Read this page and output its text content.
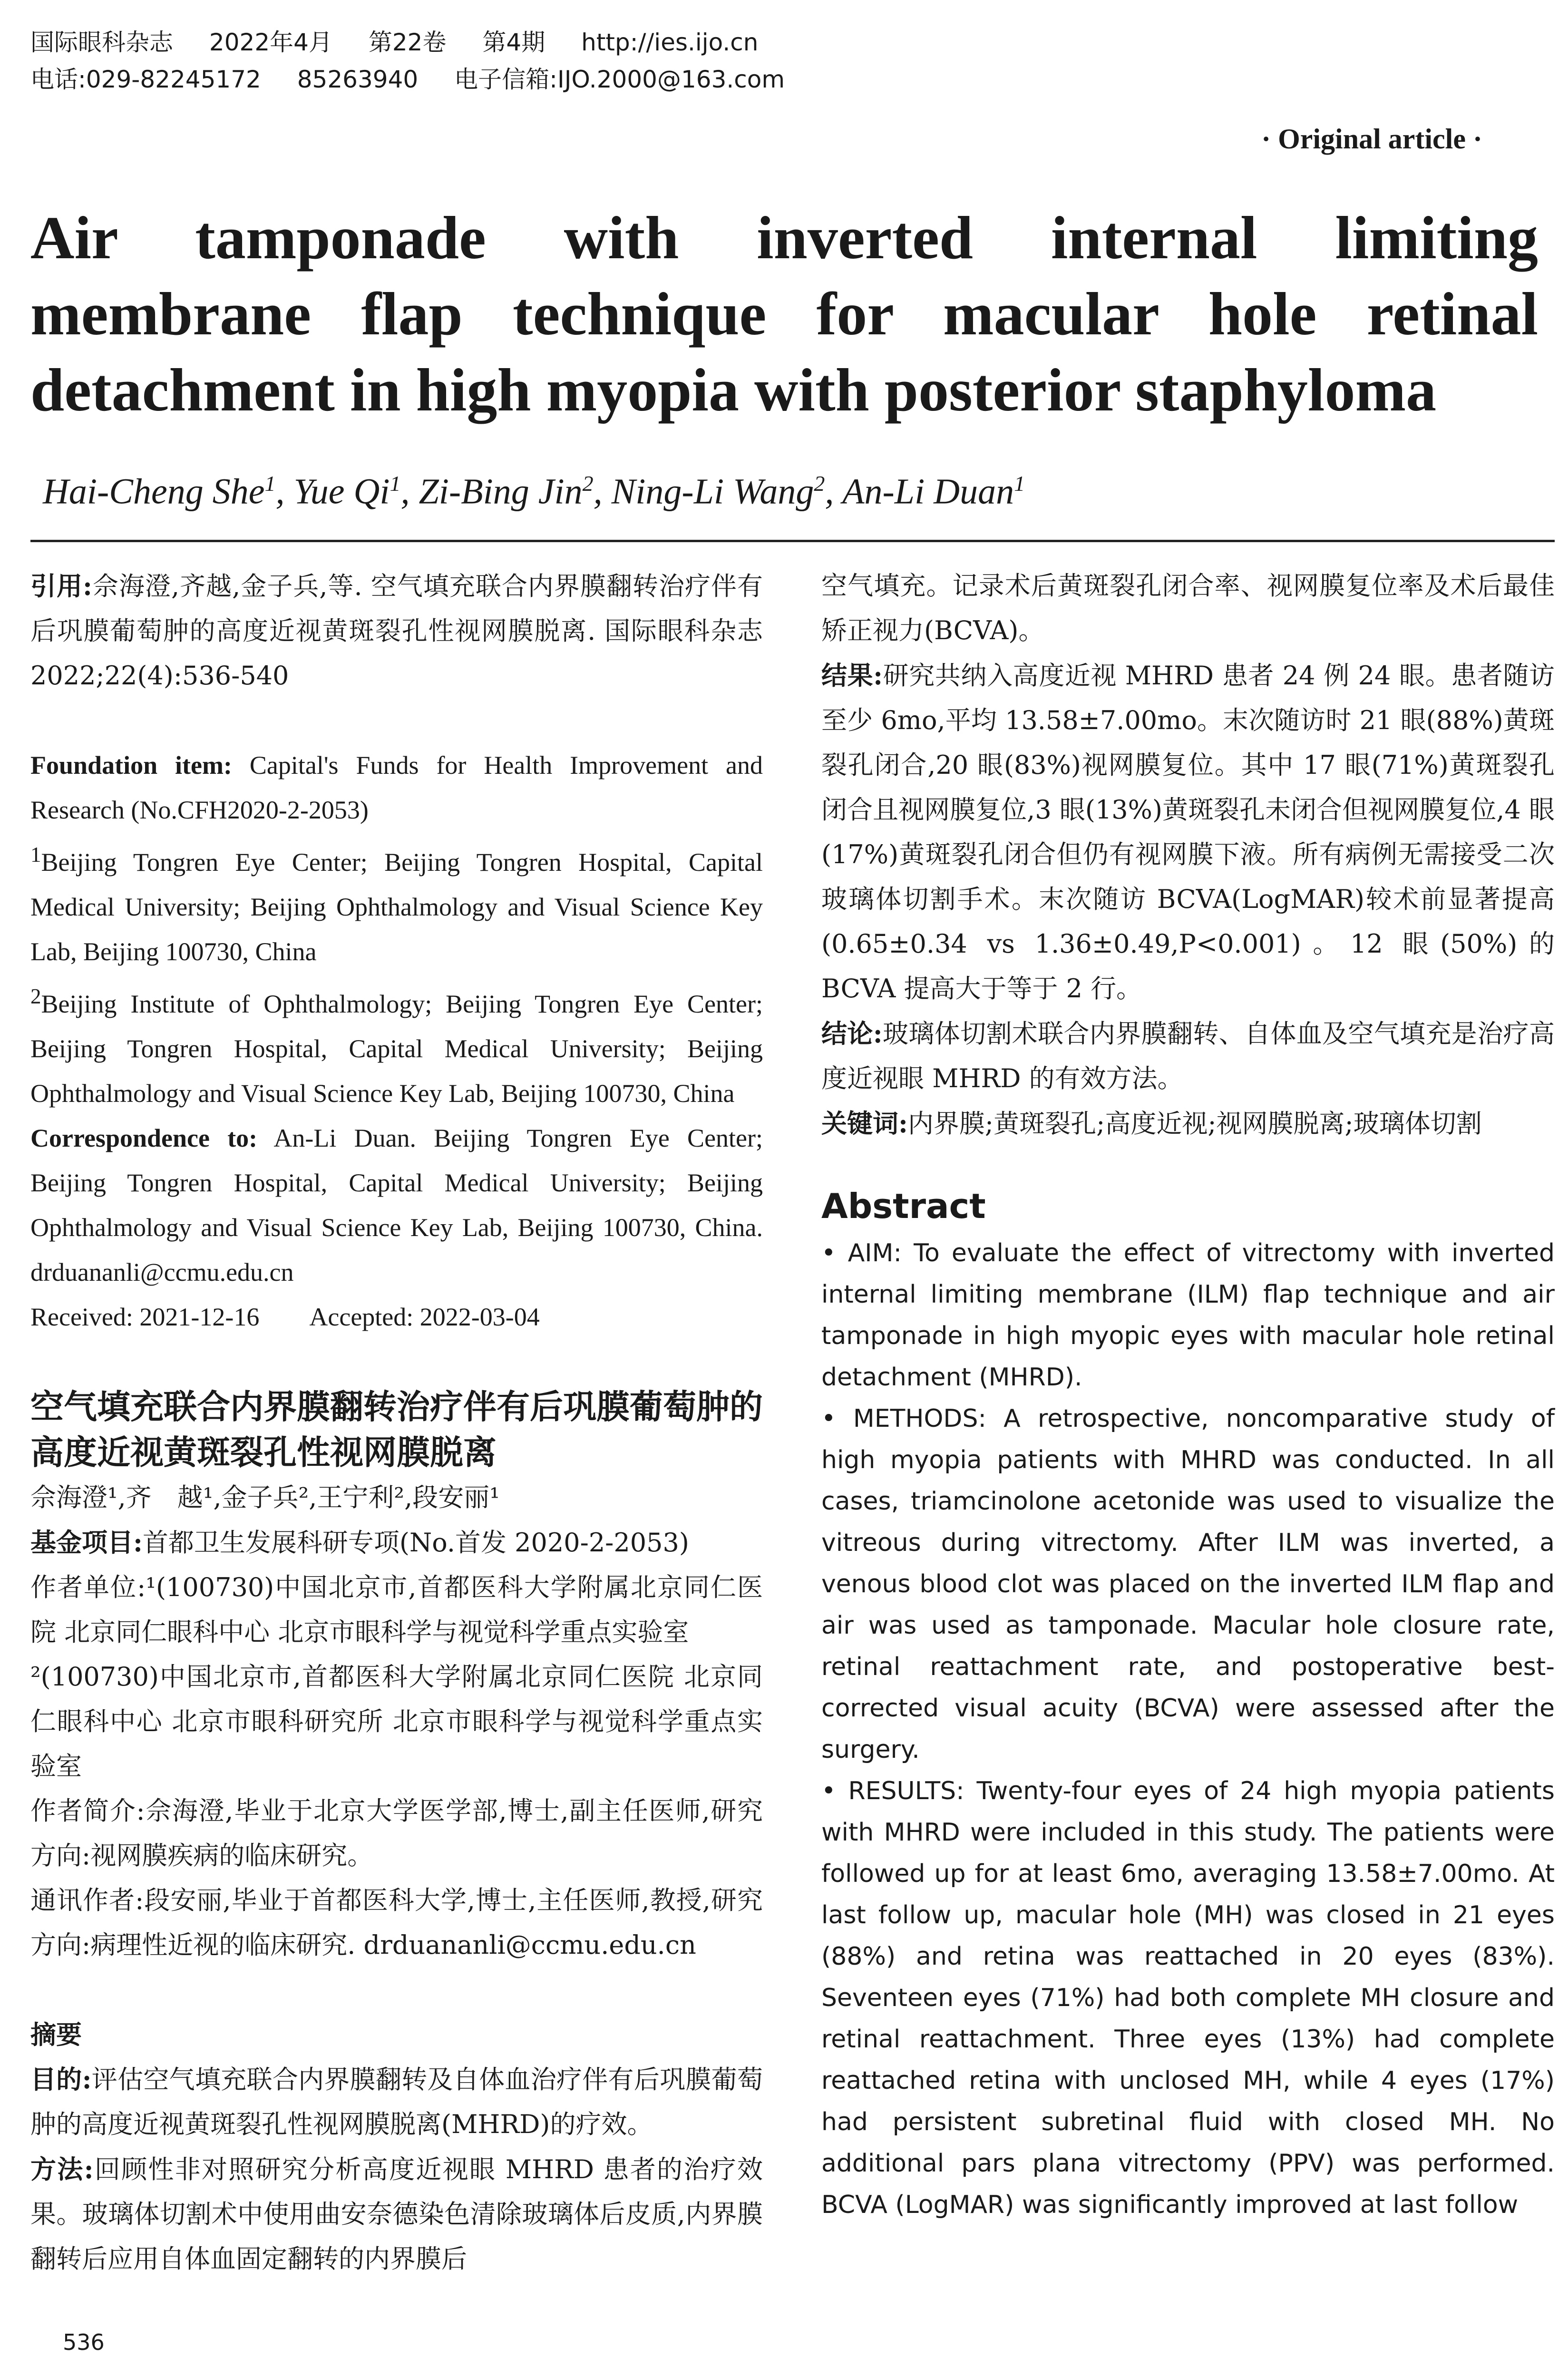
国际眼科杂志 2022年4月 第22卷 第4期 http://ies.ijo.cn
电话:029-82245172 85263940 电子信箱:IJO.2000@163.com
· Original article ·
Air tamponade with inverted internal limiting
membrane flap technique for macular hole retinal
detachment in high myopia with posterior staphyloma
Hai-Cheng She$^1$, Yue Qi$^1$, Zi-Bing Jin$^2$, Ning-Li Wang$^2$, An-Li Duan$^1$

引用:佘海澄,齐越,金子兵,等. 空气填充联合内界膜翻转治疗伴有后巩膜葡萄肿的高度近视黄斑裂孔性视网膜脱离. 国际眼科杂志 2022;22(4):536-540

Foundation item: Capital's Funds for Health Improvement and Research (No.CFH2020-2-2053)

$^1$Beijing Tongren Eye Center; Beijing Tongren Hospital, Capital Medical University; Beijing Ophthalmology and Visual Science Key Lab, Beijing 100730, China

$^2$Beijing Institute of Ophthalmology; Beijing Tongren Eye Center; Beijing Tongren Hospital, Capital Medical University; Beijing Ophthalmology and Visual Science Key Lab, Beijing 100730, China

Correspondence to: An-Li Duan. Beijing Tongren Eye Center; Beijing Tongren Hospital, Capital Medical University; Beijing Ophthalmology and Visual Science Key Lab, Beijing 100730, China. drduananli@ccmu.edu.cn

Received: 2021-12-16 Accepted: 2022-03-04

空气填充联合内界膜翻转治疗伴有后巩膜葡萄肿的高度近视黄斑裂孔性视网膜脱离

佘海澄¹,齐　越¹,金子兵²,王宁利²,段安丽¹

基金项目:首都卫生发展科研专项(No.首发 2020-2-2053)

作者单位:¹(100730)中国北京市,首都医科大学附属北京同仁医院 北京同仁眼科中心 北京市眼科学与视觉科学重点实验室

²(100730)中国北京市,首都医科大学附属北京同仁医院 北京同仁眼科中心 北京市眼科研究所 北京市眼科学与视觉科学重点实验室

作者简介:佘海澄,毕业于北京大学医学部,博士,副主任医师,研究方向:视网膜疾病的临床研究。

通讯作者:段安丽,毕业于首都医科大学,博士,主任医师,教授,研究方向:病理性近视的临床研究. drduananli@ccmu.edu.cn

摘要

目的:评估空气填充联合内界膜翻转及自体血治疗伴有后巩膜葡萄肿的高度近视黄斑裂孔性视网膜脱离(MHRD)的疗效。

方法:回顾性非对照研究分析高度近视眼 MHRD 患者的治疗效果。玻璃体切割术中使用曲安奈德染色清除玻璃体后皮质,内界膜翻转后应用自体血固定翻转的内界膜后

空气填充。记录术后黄斑裂孔闭合率、视网膜复位率及术后最佳矫正视力(BCVA)。

结果:研究共纳入高度近视 MHRD 患者 24 例 24 眼。患者随访至少 6mo,平均 13.58±7.00mo。末次随访时 21 眼(88%)黄斑裂孔闭合,20 眼(83%)视网膜复位。其中 17 眼(71%)黄斑裂孔闭合且视网膜复位,3 眼(13%)黄斑裂孔未闭合但视网膜复位,4 眼(17%)黄斑裂孔闭合但仍有视网膜下液。所有病例无需接受二次玻璃体切割手术。末次随访 BCVA(LogMAR)较术前显著提高(0.65±0.34 vs 1.36±0.49,P<0.001)。12 眼(50%)的 BCVA 提高大于等于 2 行。

结论:玻璃体切割术联合内界膜翻转、自体血及空气填充是治疗高度近视眼 MHRD 的有效方法。

关键词:内界膜;黄斑裂孔;高度近视;视网膜脱离;玻璃体切割

Abstract

• AIM: To evaluate the effect of vitrectomy with inverted internal limiting membrane (ILM) flap technique and air tamponade in high myopic eyes with macular hole retinal detachment (MHRD).

• METHODS: A retrospective, noncomparative study of high myopia patients with MHRD was conducted. In all cases, triamcinolone acetonide was used to visualize the vitreous during vitrectomy. After ILM was inverted, a venous blood clot was placed on the inverted ILM flap and air was used as tamponade. Macular hole closure rate, retinal reattachment rate, and postoperative best-corrected visual acuity (BCVA) were assessed after the surgery.

• RESULTS: Twenty-four eyes of 24 high myopia patients with MHRD were included in this study. The patients were followed up for at least 6mo, averaging 13.58±7.00mo. At last follow up, macular hole (MH) was closed in 21 eyes (88%) and retina was reattached in 20 eyes (83%). Seventeen eyes (71%) had both complete MH closure and retinal reattachment. Three eyes (13%) had complete reattached retina with unclosed MH, while 4 eyes (17%) had persistent subretinal fluid with closed MH. No additional pars plana vitrectomy (PPV) was performed. BCVA (LogMAR) was significantly improved at last follow

536
